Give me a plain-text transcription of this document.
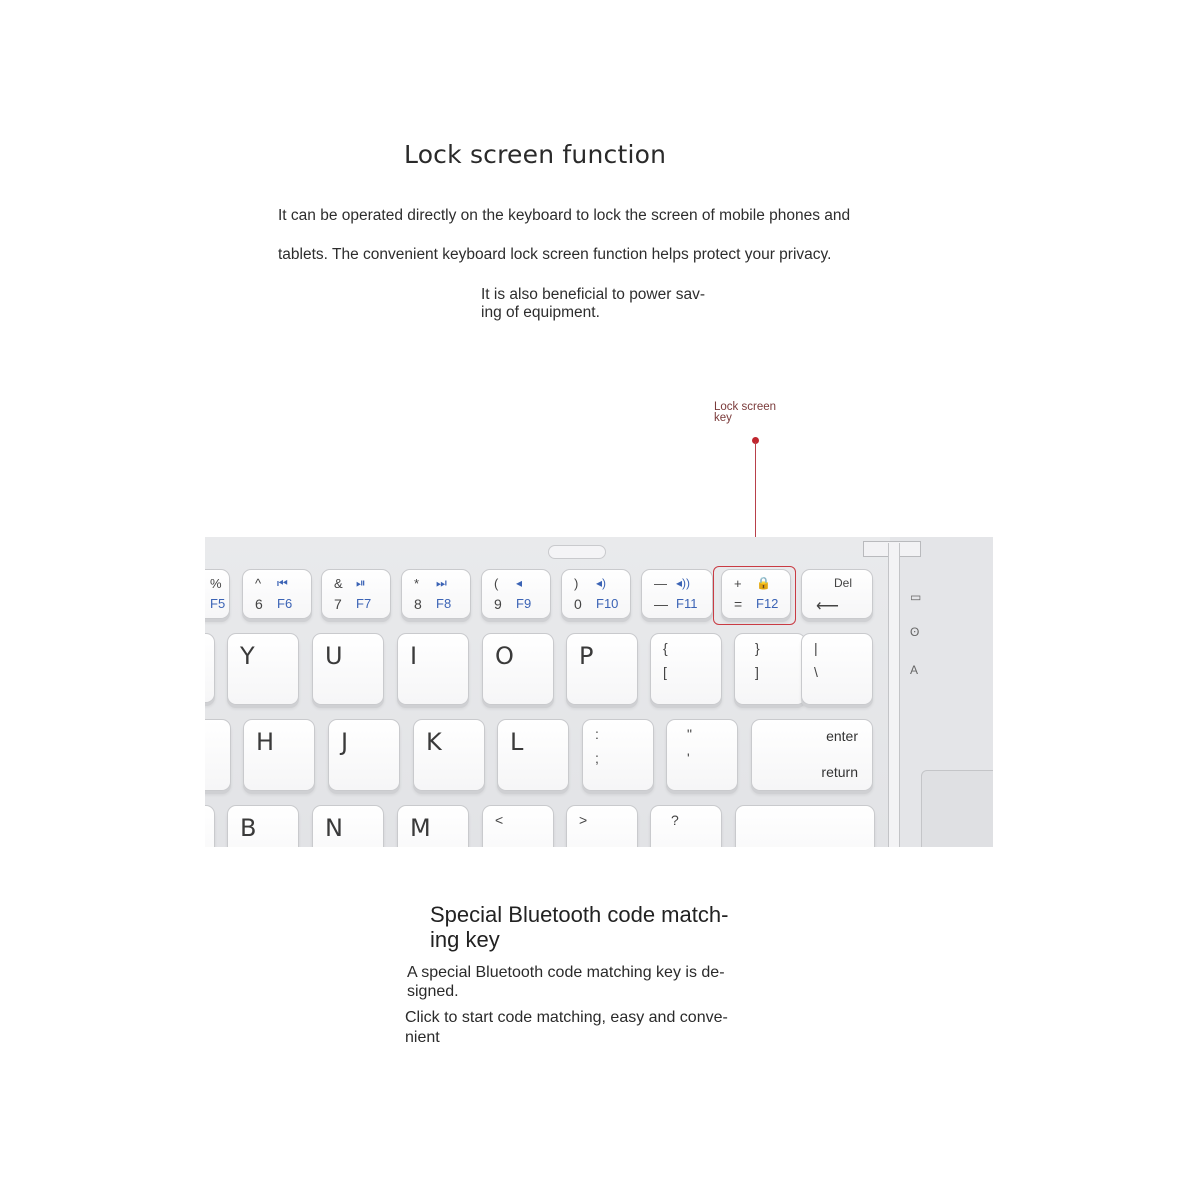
Lock screen function
It can be operated directly on the keyboard to lock the screen of mobile phones and
tablets. The convenient keyboard lock screen function helps protect your privacy.
It is also beneficial to power sav-
ing of equipment.
Lock screen
key
%
F5
^ ⏮
6 F6
& ⏯
7 F7
* ⏭
8 F8
( ◂
9 F9
) ◂)
0 F10
— ◂))
— F11
+ 🔒
= F12
Del
⟵
Y	U	I	O	P	{
[
}
]
|
\
H	J	K	L	:
;
"
'
enter
return
B	N	M	<	>	?
▭
ʘ
A
Special Bluetooth code match-
ing key
A special Bluetooth code matching key is de-
signed.
Click to start code matching, easy and conve-
nient
